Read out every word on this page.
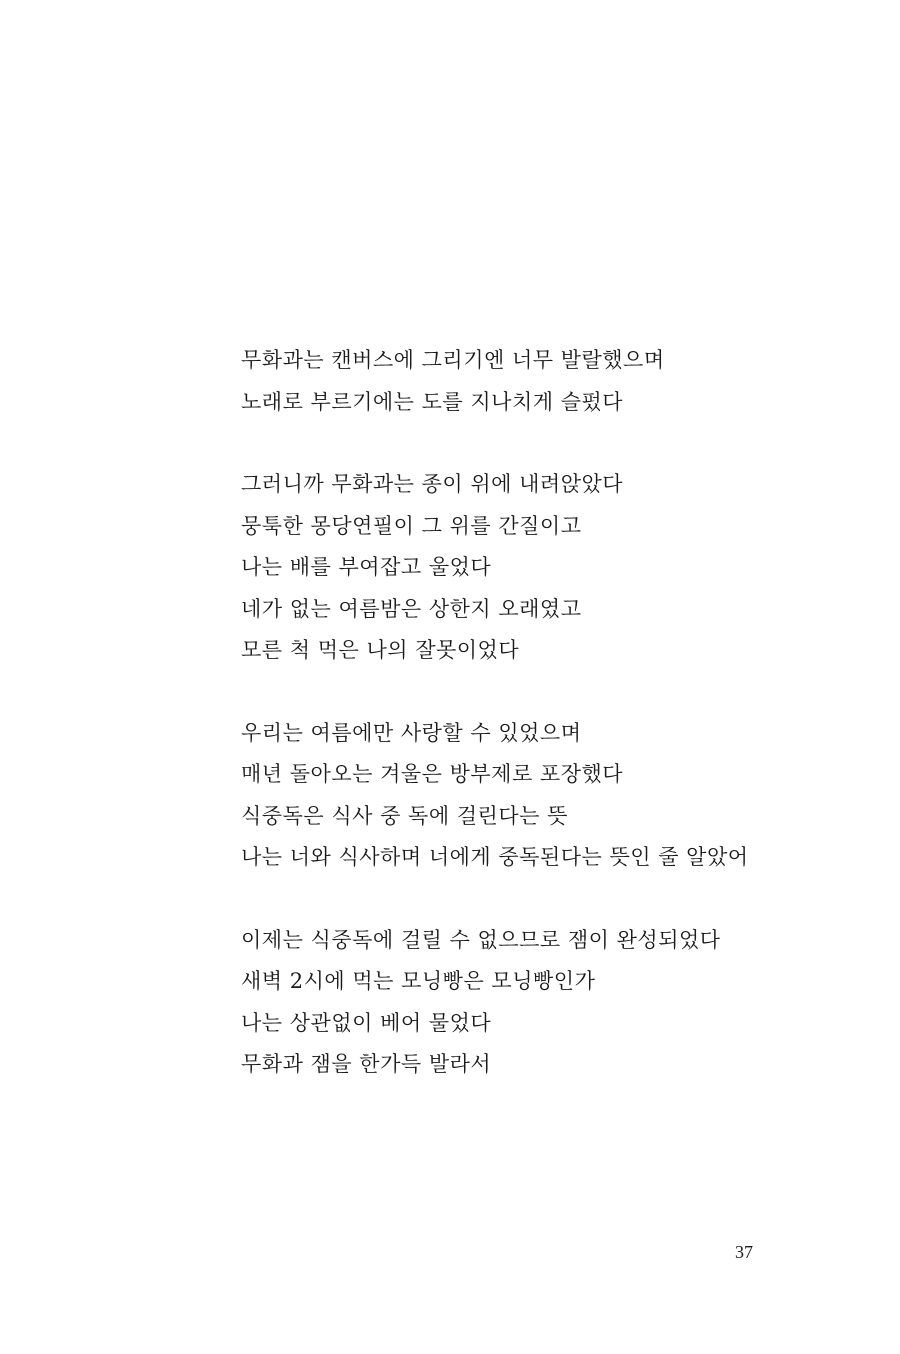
무화과는 캔버스에 그리기엔 너무 발랄했으며
노래로 부르기에는 도를 지나치게 슬펐다
그러니까 무화과는 종이 위에 내려앉았다
뭉툭한 몽당연필이 그 위를 간질이고
나는 배를 부여잡고 울었다
네가 없는 여름밤은 상한지 오래였고
모른 척 먹은 나의 잘못이었다
우리는 여름에만 사랑할 수 있었으며
매년 돌아오는 겨울은 방부제로 포장했다
식중독은 식사 중 독에 걸린다는 뜻
나는 너와 식사하며 너에게 중독된다는 뜻인 줄 알았어
이제는 식중독에 걸릴 수 없으므로 잼이 완성되었다
새벽 2시에 먹는 모닝빵은 모닝빵인가
나는 상관없이 베어 물었다
무화과 잼을 한가득 발라서
37
